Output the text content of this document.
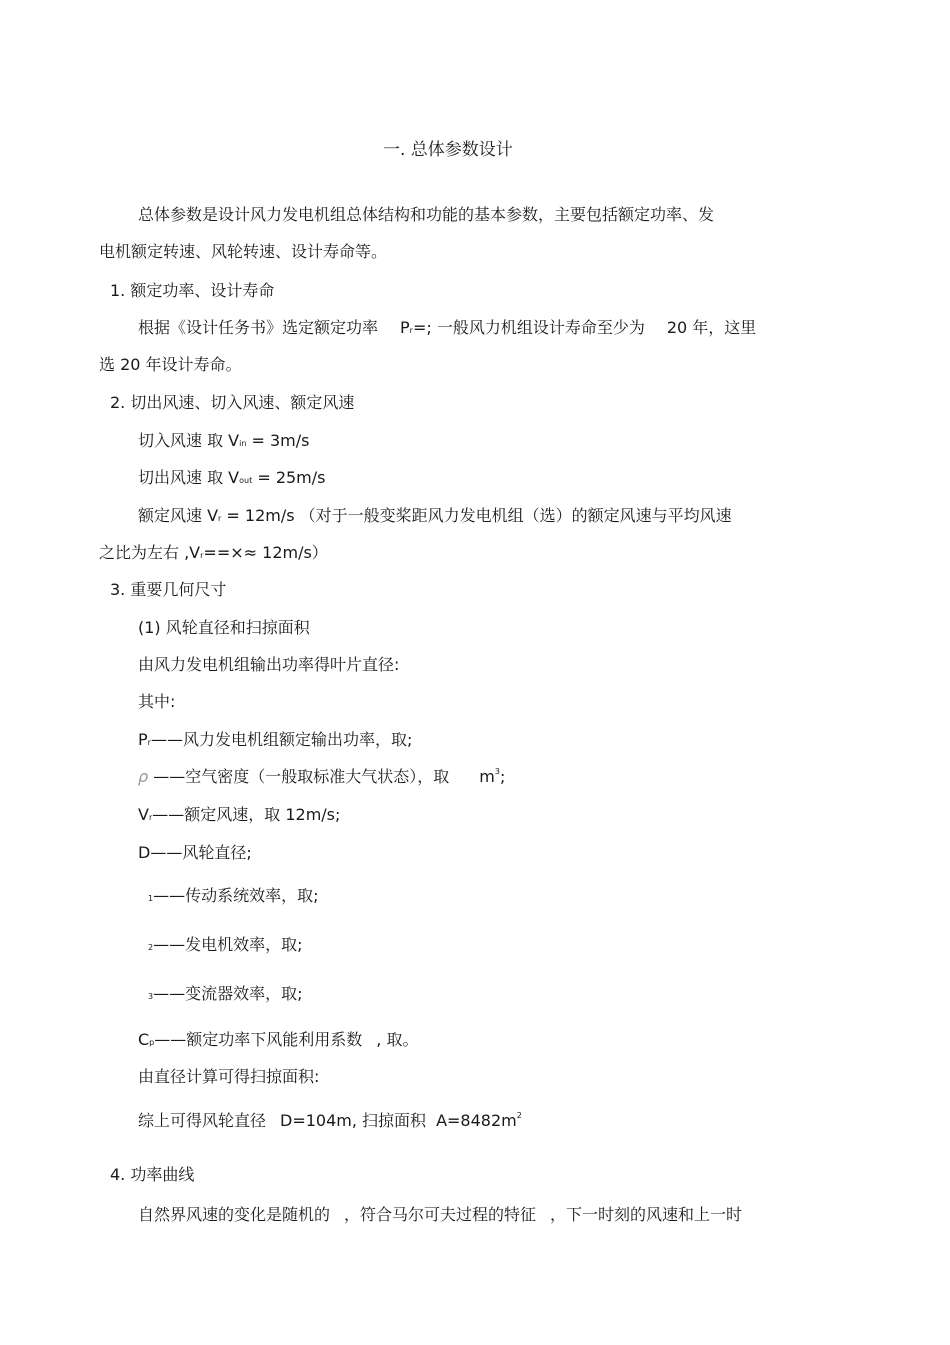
一. 总体参数设计
总体参数是设计风力发电机组总体结构和功能的基本参数，主要包括额定功率、发
电机额定转速、风轮转速、设计寿命等。
1. 额定功率、设计寿命
根据《设计任务书》选定额定功率 Pr=; 一般风力机组设计寿命至少为 20 年，这里
选 20 年设计寿命。
2. 切出风速、切入风速、额定风速
切入风速 取 Vin = 3m/s
切出风速 取 Vout = 25m/s
额定风速 Vr = 12m/s （对于一般变桨距风力发电机组（选）的额定风速与平均风速
之比为左右 ,Vr==×≈ 12m/s）
3. 重要几何尺寸
(1) 风轮直径和扫掠面积
由风力发电机组输出功率得叶片直径:
其中:
Pr——风力发电机组额定输出功率，取;
ρ ——空气密度（一般取标准大气状态），取 $m^3$;
Vr——额定风速，取 12m/s;
D——风轮直径;
1——传动系统效率，取;
2——发电机效率，取;
3——变流器效率，取;
Cp——额定功率下风能利用系数 , 取。
由直径计算可得扫掠面积:
综上可得风轮直径 D=104m, 扫掠面积 $A=8482m^2$
4. 功率曲线
自然界风速的变化是随机的 ，符合马尔可夫过程的特征 ，下一时刻的风速和上一时
